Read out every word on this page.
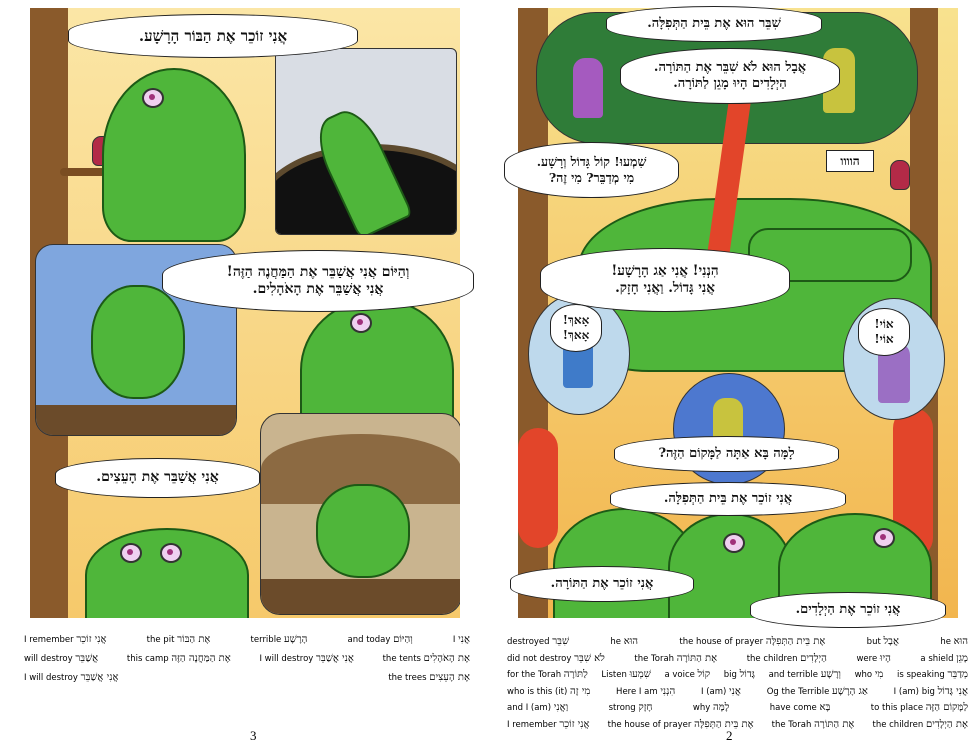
אֲנִי זוֹכֵר אֶת הַבּוֹר הָרָשָׁע.
וְהַיּוֹם אֲנִי אֲשַׁבֵּר אֶת הַמַּחֲנֶה הַזֶּה!
אֲנִי אֲשַׁבֵּר אֶת הָאֹהָלִים.
אֲנִי אֲשַׁבֵּר אֶת הָעֵצִים.
I אֲנִי
and today וְהַיּוֹם
terrible הָרָשָׁע
the pit אֶת הַבּוֹר
I remember אֲנִי זוֹכֵר
the tents אֶת הָאֹהָלִים
I will destroy אֲנִי אֲשַׁבֵּר
this camp אֶת הַמַּחֲנֶה הַזֶּה
will destroy אֲשַׁבֵּר
the trees אֶת הָעֵצִים
I will destroy אֲנִי אֲשַׁבֵּר
3
שִׁבֵּר הוּא אֶת בֵּית הַתְּפִלָּה.
אֲבָל הוּא לֹא שִׁבֵּר אֶת הַתּוֹרָה.
הַיְלָדִים הָיוּ מָגֵן לַתּוֹרָה.
שִׁמְעוּ! קוֹל גָּדוֹל וְרָשָׁע.
מִי מְדַבֵּר? מִי זֶה?
הוווו
הִנְנִי! אֲנִי אַג הָרָשָׁע!
אֲנִי גָּדוֹל. וַאֲנִי חָזָק.
אָאךְ!
אָאךְ!
אוֹי!
אוֹי!
לָמָּה בָּא אַתָּה לַמָּקוֹם הַזֶּה?
אֲנִי זוֹכֵר אֶת בֵּית הַתְּפִלָּה.
אֲנִי זוֹכֵר אֶת הַתּוֹרָה.
אֲנִי זוֹכֵר אֶת הַיְלָדִים.
he הוּא
but אֲבָל
the house of prayer אֶת בֵּית הַתְּפִלָּה
he הוּא
destroyed שִׁבֵּר
a shield מָגֵן
were הָיוּ
the children הַיְלָדִים
the Torah אֶת הַתּוֹרָה
did not destroy לֹא שִׁבֵּר
is speaking מְדַבֵּר
who מִי
and terrible וְרָשָׁע
big גָּדוֹל
a voice קוֹל
Listen שִׁמְעוּ
for the Torah לַתּוֹרָה
I (am) big אֲנִי גָּדוֹל
Og the Terrible אַג הָרָשָׁע
I (am) אֲנִי
Here I am הִנְנִי
who is this (it) מִי זֶה
to this place לַמָּקוֹם הַזֶּה
have come בָּא
why לָמָּה
strong חָזָק
and I (am) וַאֲנִי
the children אֶת הַיְלָדִים
the Torah אֶת הַתּוֹרָה
the house of prayer אֶת בֵּית הַתְּפִלָּה
I remember אֲנִי זוֹכֵר
2
